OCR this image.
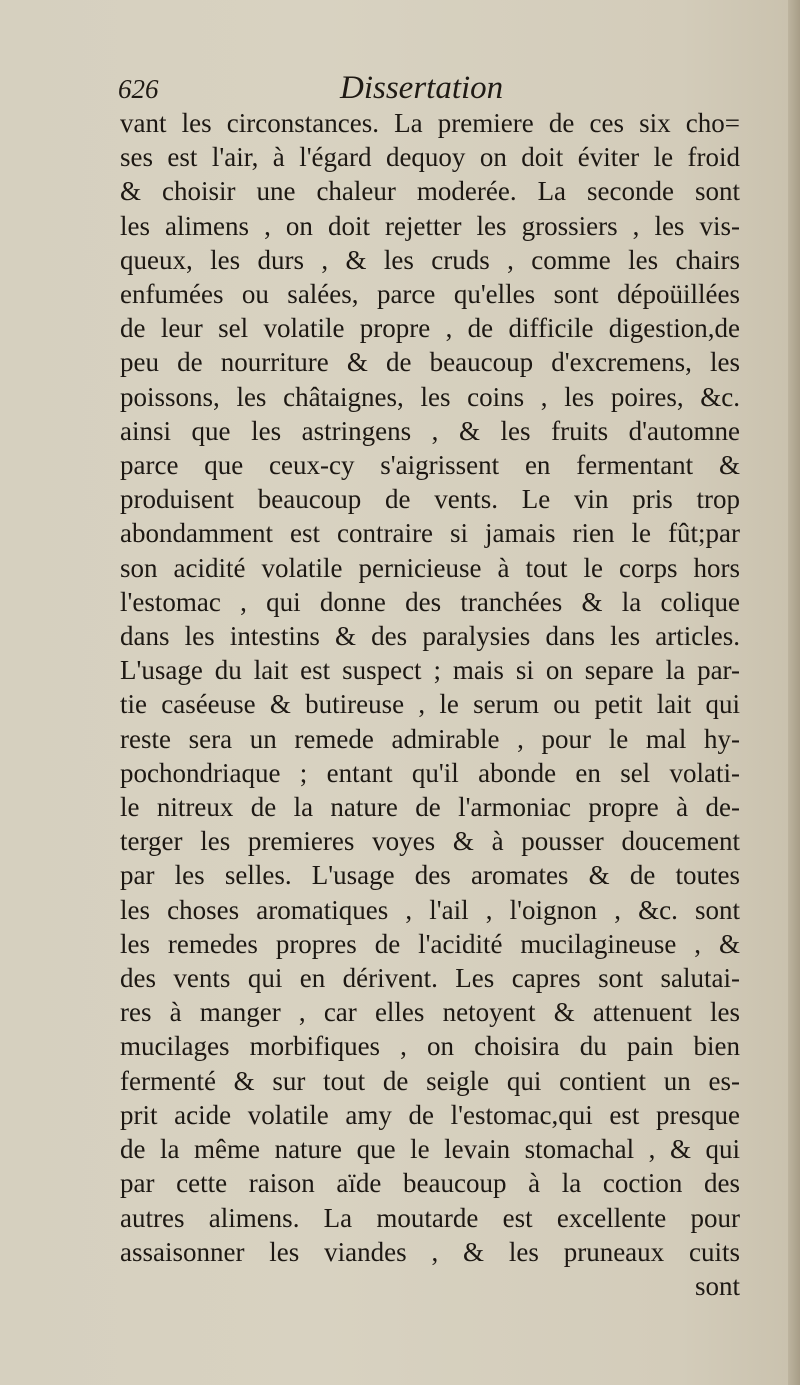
626	Dissertation
vant les circonstances. La premiere de ces six cho=
ses est l'air, à l'égard dequoy on doit éviter le froid
& choisir une chaleur moderée. La seconde sont
les alimens , on doit rejetter les grossiers , les vis-
queux, les durs , & les cruds , comme les chairs
enfumées ou salées, parce qu'elles sont dépoüillées
de leur sel volatile propre , de difficile digestion,de
peu de nourriture & de beaucoup d'excremens, les
poissons, les châtaignes, les coins , les poires, &c.
ainsi que les astringens , & les fruits d'automne
parce que ceux-cy s'aigrissent en fermentant &
produisent beaucoup de vents. Le vin pris trop
abondamment est contraire si jamais rien le fût;par
son acidité volatile pernicieuse à tout le corps hors
l'estomac , qui donne des tranchées & la colique
dans les intestins & des paralysies dans les articles.
L'usage du lait est suspect ; mais si on separe la par-
tie caséeuse & butireuse , le serum ou petit lait qui
reste sera un remede admirable , pour le mal hy-
pochondriaque ; entant qu'il abonde en sel volati-
le nitreux de la nature de l'armoniac propre à de-
terger les premieres voyes & à pousser doucement
par les selles. L'usage des aromates & de toutes
les choses aromatiques , l'ail , l'oignon , &c. sont
les remedes propres de l'acidité mucilagineuse , &
des vents qui en dérivent. Les capres sont salutai-
res à manger , car elles netoyent & attenuent les
mucilages morbifiques , on choisira du pain bien
fermenté & sur tout de seigle qui contient un es-
prit acide volatile amy de l'estomac,qui est presque
de la même nature que le levain stomachal , & qui
par cette raison aïde beaucoup à la coction des
autres alimens. La moutarde est excellente pour
assaisonner les viandes , & les pruneaux cuits
sont
